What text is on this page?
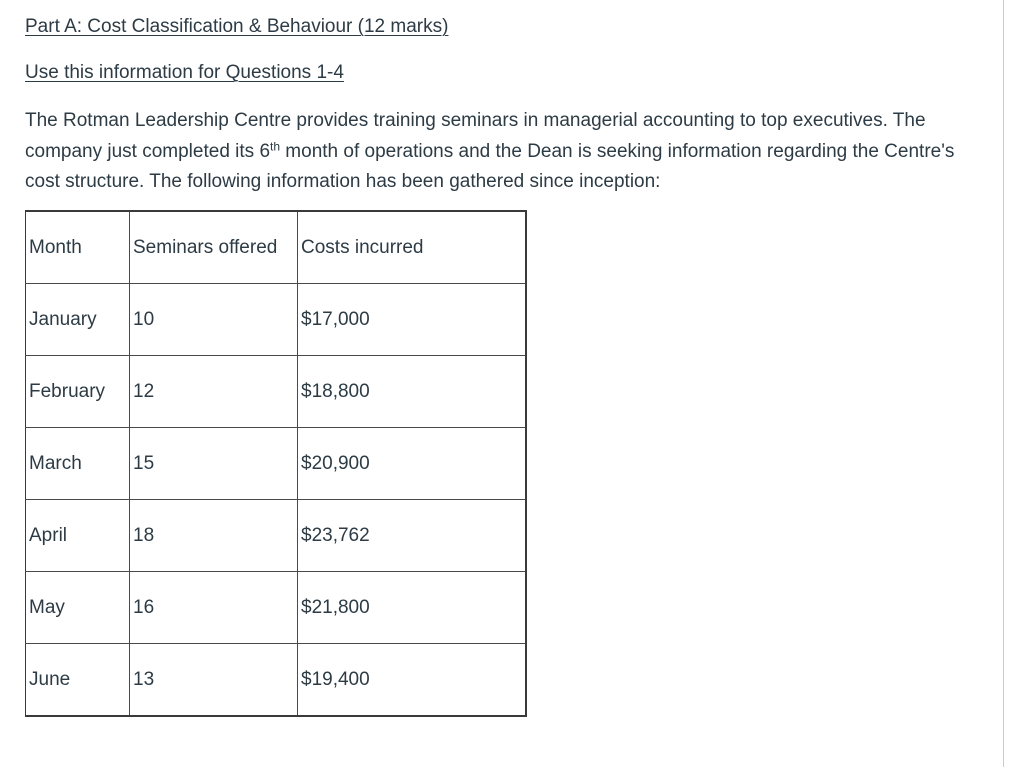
Part A: Cost Classification & Behaviour (12 marks)
Use this information for Questions 1-4

The Rotman Leadership Centre provides training seminars in managerial accounting to top executives. The company just completed its 6th month of operations and the Dean is seeking information regarding the Centre's cost structure. The following information has been gathered since inception:

Month	Seminars offered	Costs incurred
January	10	$17,000
February	12	$18,800
March	15	$20,900
April	18	$23,762
May	16	$21,800
June	13	$19,400
